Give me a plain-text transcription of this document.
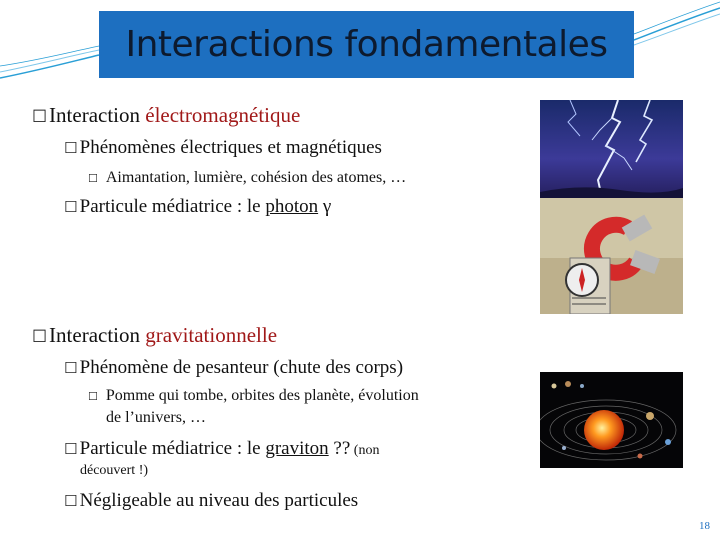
Interactions fondamentales
☐Interaction électromagnétique
☐ Phénomènes électriques et magnétiques
☐ Aimantation, lumière, cohésion des atomes, …
☐ Particule médiatrice : le photon γ
☐Interaction gravitationnelle
☐ Phénomène de pesanteur (chute des corps)
☐ Pomme qui tombe, orbites des planète, évolution
de l’univers, …
☐ Particule médiatrice : le graviton ?? (non
découvert !)
☐ Négligeable au niveau des particules
18
